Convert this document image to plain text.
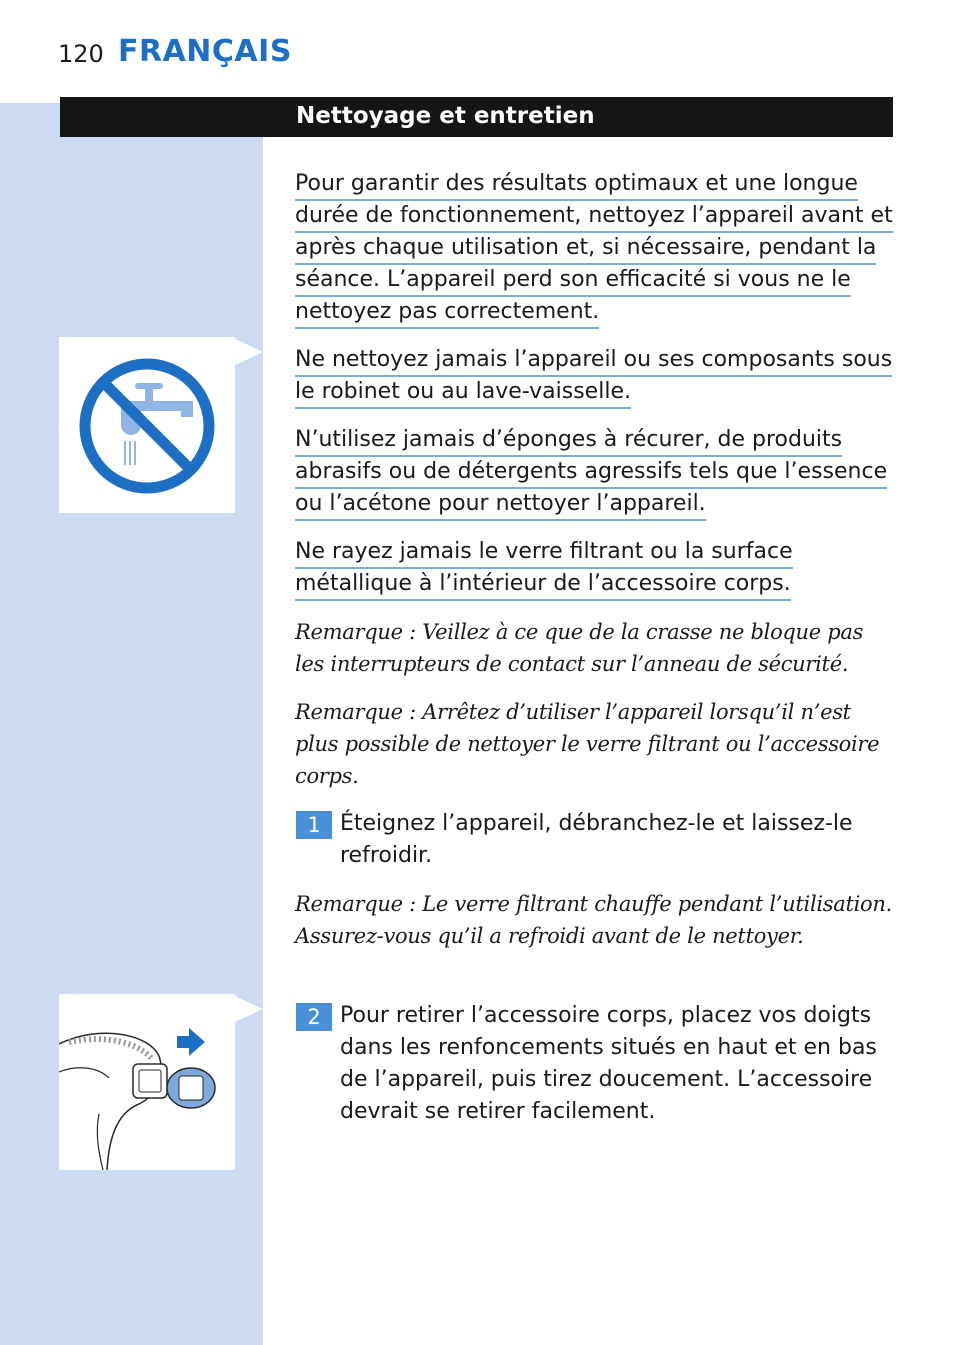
120 FRANÇAIS
Nettoyage et entretien
Pour garantir des résultats optimaux et une longue durée de fonctionnement, nettoyez l’appareil avant et après chaque utilisation et, si nécessaire, pendant la séance. L’appareil perd son efficacité si vous ne le nettoyez pas correctement.
Ne nettoyez jamais l’appareil ou ses composants sous le robinet ou au lave-vaisselle.
N’utilisez jamais d’éponges à récurer, de produits abrasifs ou de détergents agressifs tels que l’essence ou l’acétone pour nettoyer l’appareil.
Ne rayez jamais le verre filtrant ou la surface métallique à l’intérieur de l’accessoire corps.
Remarque : Veillez à ce que de la crasse ne bloque pas les interrupteurs de contact sur l’anneau de sécurité.
Remarque : Arrêtez d’utiliser l’appareil lorsqu’il n’est plus possible de nettoyer le verre filtrant ou l’accessoire corps.
1 Éteignez l’appareil, débranchez-le et laissez-le refroidir.
Remarque : Le verre filtrant chauffe pendant l’utilisation. Assurez-vous qu’il a refroidi avant de le nettoyer.
2 Pour retirer l’accessoire corps, placez vos doigts dans les renfoncements situés en haut et en bas de l’appareil, puis tirez doucement. L’accessoire devrait se retirer facilement.
